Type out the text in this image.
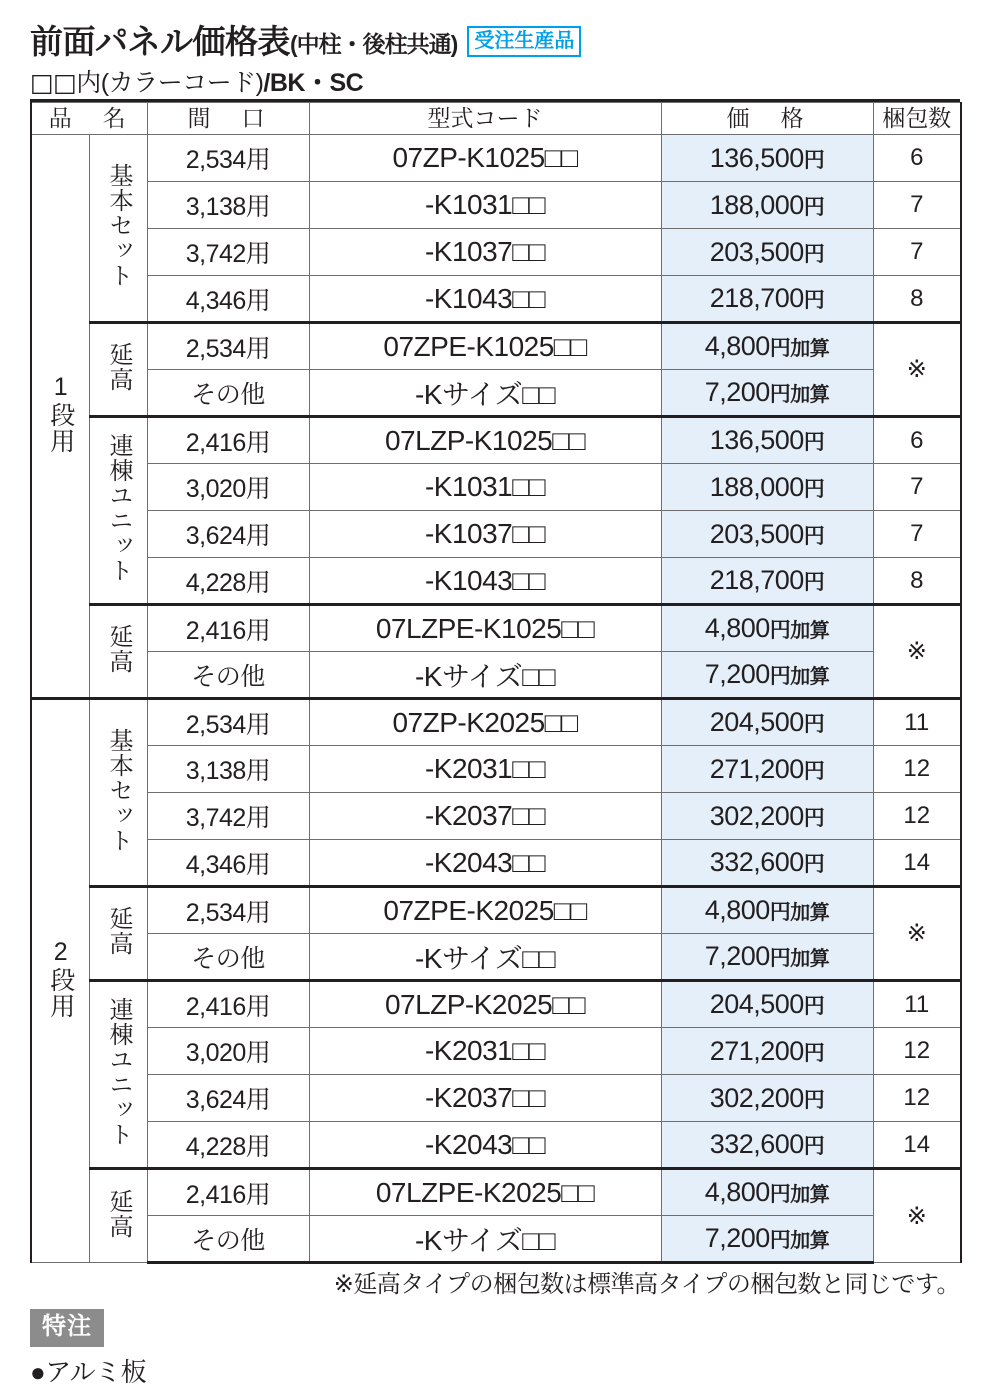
前面パネル価格表 (中柱・後柱共通) 受注生産品
□□内(カラーコード)/BK・SC
品　名		間　口	型式コード	価　格	梱包数
1段用	基本セット	2,534用	07ZP-K1025□□	136,500円	6
		3,138用	-K1031□□	188,000円	7
		3,742用	-K1037□□	203,500円	7
		4,346用	-K1043□□	218,700円	8
	延高	2,534用	07ZPE-K1025□□	4,800円加算	※
		その他	-Kサイズ□□	7,200円加算	
	連棟ユニット	2,416用	07LZP-K1025□□	136,500円	6
		3,020用	-K1031□□	188,000円	7
		3,624用	-K1037□□	203,500円	7
		4,228用	-K1043□□	218,700円	8
	延高	2,416用	07LZPE-K1025□□	4,800円加算	※
		その他	-Kサイズ□□	7,200円加算	
2段用	基本セット	2,534用	07ZP-K2025□□	204,500円	11
		3,138用	-K2031□□	271,200円	12
		3,742用	-K2037□□	302,200円	12
		4,346用	-K2043□□	332,600円	14
	延高	2,534用	07ZPE-K2025□□	4,800円加算	※
		その他	-Kサイズ□□	7,200円加算	
	連棟ユニット	2,416用	07LZP-K2025□□	204,500円	11
		3,020用	-K2031□□	271,200円	12
		3,624用	-K2037□□	302,200円	12
		4,228用	-K2043□□	332,600円	14
	延高	2,416用	07LZPE-K2025□□	4,800円加算	※
		その他	-Kサイズ□□	7,200円加算	
※延高タイプの梱包数は標準高タイプの梱包数と同じです。
特注
●アルミ板
